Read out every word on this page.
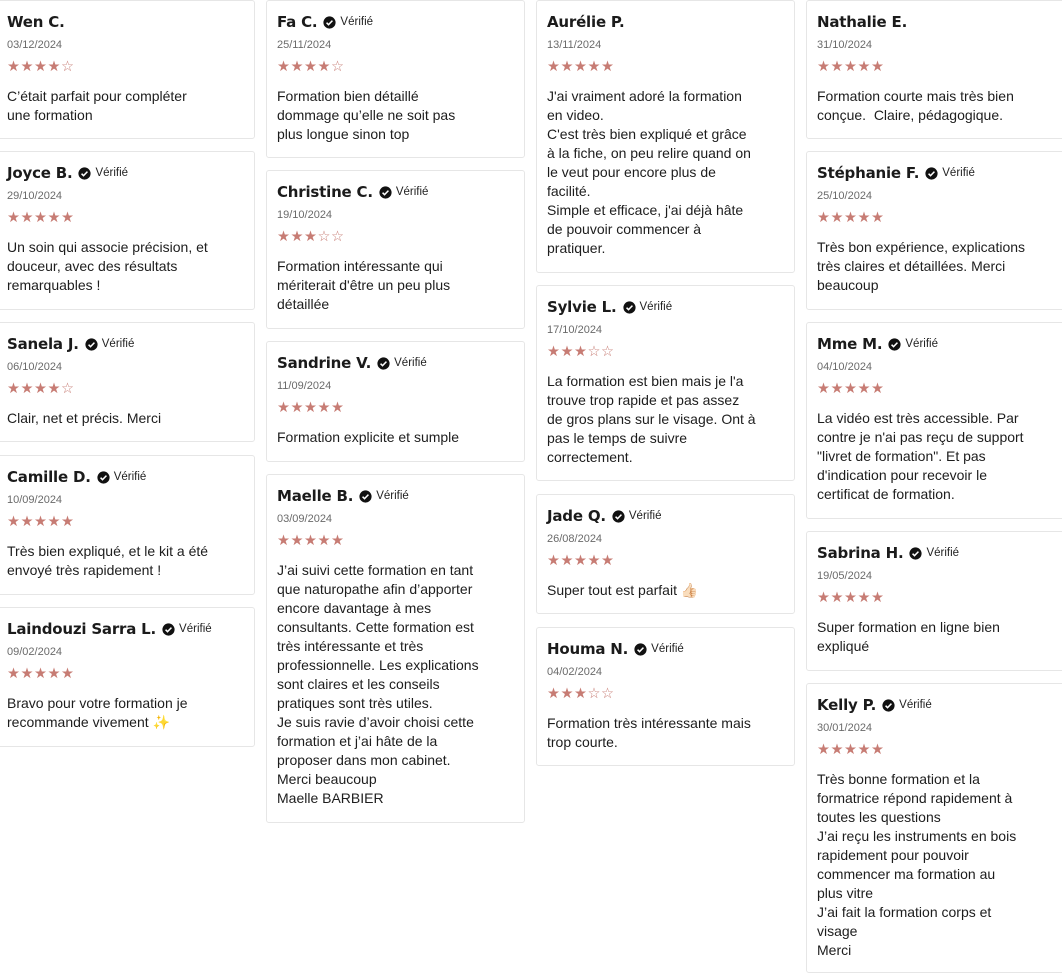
Wen C.
03/12/2024
★★★★☆
C’était parfait pour compléter
une formation
Joyce B. Vérifié
29/10/2024
★★★★★
Un soin qui associe précision, et
douceur, avec des résultats
remarquables !
Sanela J. Vérifié
06/10/2024
★★★★☆
Clair, net et précis. Merci
Camille D. Vérifié
10/09/2024
★★★★★
Très bien expliqué, et le kit a été
envoyé très rapidement !
Laindouzi Sarra L. Vérifié
09/02/2024
★★★★★
Bravo pour votre formation je
recommande vivement ✨
Fa C. Vérifié
25/11/2024
★★★★☆
Formation bien détaillé
dommage qu’elle ne soit pas
plus longue sinon top
Christine C. Vérifié
19/10/2024
★★★☆☆
Formation intéressante qui
mériterait d'être un peu plus
détaillée
Sandrine V. Vérifié
11/09/2024
★★★★★
Formation explicite et sumple
Maelle B. Vérifié
03/09/2024
★★★★★
J’ai suivi cette formation en tant
que naturopathe afin d’apporter
encore davantage à mes
consultants. Cette formation est
très intéressante et très
professionnelle. Les explications
sont claires et les conseils
pratiques sont très utiles.
Je suis ravie d’avoir choisi cette
formation et j’ai hâte de la
proposer dans mon cabinet.
Merci beaucoup
Maelle BARBIER
Aurélie P.
13/11/2024
★★★★★
J'ai vraiment adoré la formation
en video.
C'est très bien expliqué et grâce
à la fiche, on peu relire quand on
le veut pour encore plus de
facilité.
Simple et efficace, j'ai déjà hâte
de pouvoir commencer à
pratiquer.
Sylvie L. Vérifié
17/10/2024
★★★☆☆
La formation est bien mais je l'a
trouve trop rapide et pas assez
de gros plans sur le visage. Ont à
pas le temps de suivre
correctement.
Jade Q. Vérifié
26/08/2024
★★★★★
Super tout est parfait 👍🏻
Houma N. Vérifié
04/02/2024
★★★☆☆
Formation très intéressante mais
trop courte.
Nathalie E.
31/10/2024
★★★★★
Formation courte mais très bien
conçue.  Claire, pédagogique.
Stéphanie F. Vérifié
25/10/2024
★★★★★
Très bon expérience, explications
très claires et détaillées. Merci
beaucoup
Mme M. Vérifié
04/10/2024
★★★★★
La vidéo est très accessible. Par
contre je n'ai pas reçu de support
"livret de formation". Et pas
d'indication pour recevoir le
certificat de formation.
Sabrina H. Vérifié
19/05/2024
★★★★★
Super formation en ligne bien
expliqué
Kelly P. Vérifié
30/01/2024
★★★★★
Très bonne formation et la
formatrice répond rapidement à
toutes les questions
J’ai reçu les instruments en bois
rapidement pour pouvoir
commencer ma formation au
plus vitre
J’ai fait la formation corps et
visage
Merci
